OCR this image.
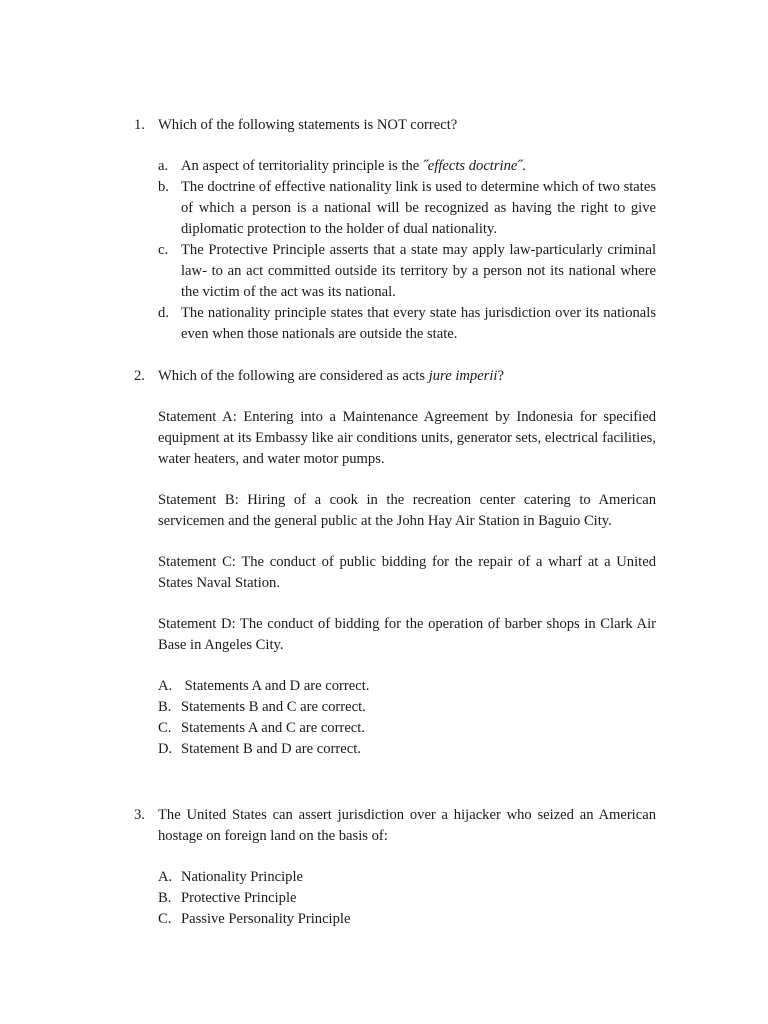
1. Which of the following statements is NOT correct?
a. An aspect of territoriality principle is the ˝effects doctrine˝.
b. The doctrine of effective nationality link is used to determine which of two states of which a person is a national will be recognized as having the right to give diplomatic protection to the holder of dual nationality.
c. The Protective Principle asserts that a state may apply law-particularly criminal law- to an act committed outside its territory by a person not its national where the victim of the act was its national.
d. The nationality principle states that every state has jurisdiction over its nationals even when those nationals are outside the state.
2. Which of the following are considered as acts jure imperii?
Statement A: Entering into a Maintenance Agreement by Indonesia for specified equipment at its Embassy like air conditions units, generator sets, electrical facilities, water heaters, and water motor pumps.
Statement B: Hiring of a cook in the recreation center catering to American servicemen and the general public at the John Hay Air Station in Baguio City.
Statement C: The conduct of public bidding for the repair of a wharf at a United States Naval Station.
Statement D: The conduct of bidding for the operation of barber shops in Clark Air Base in Angeles City.
A. Statements A and D are correct.
B. Statements B and C are correct.
C. Statements A and C are correct.
D. Statement B and D are correct.
3. The United States can assert jurisdiction over a hijacker who seized an American hostage on foreign land on the basis of:
A. Nationality Principle
B. Protective Principle
C. Passive Personality Principle
